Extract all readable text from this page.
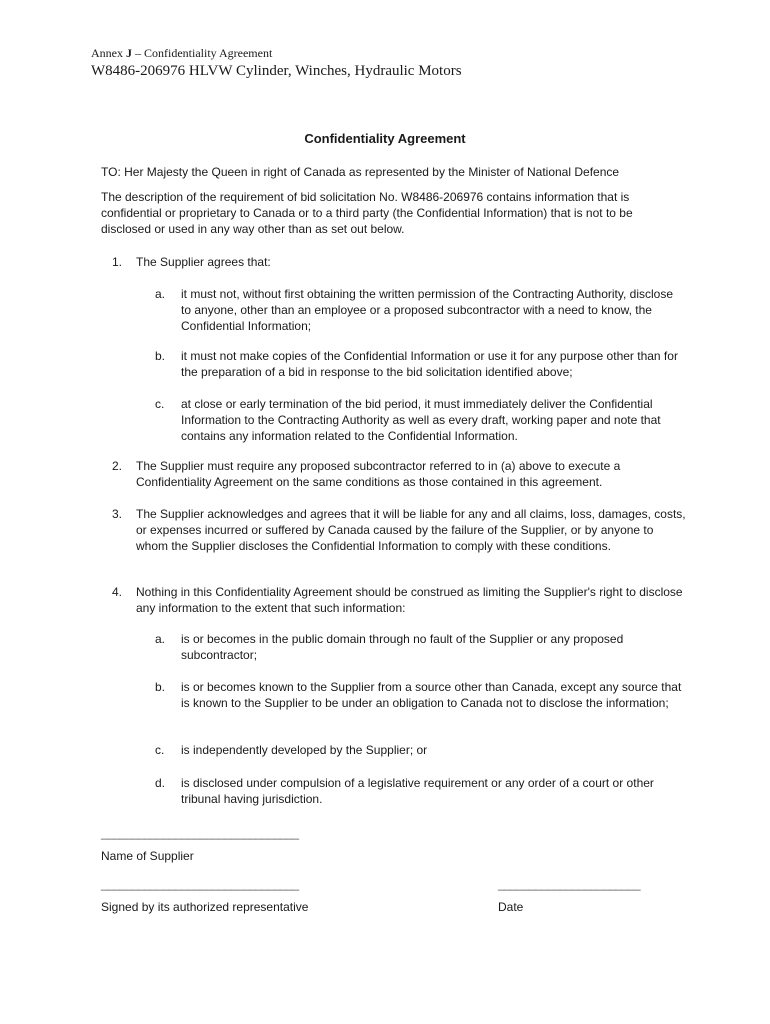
Annex J – Confidentiality Agreement
W8486-206976 HLVW Cylinder, Winches, Hydraulic Motors
Confidentiality Agreement
TO: Her Majesty the Queen in right of Canada as represented by the Minister of National Defence
The description of the requirement of bid solicitation No. W8486-206976 contains information that is confidential or proprietary to Canada or to a third party (the Confidential Information) that is not to be disclosed or used in any way other than as set out below.
1. The Supplier agrees that:
a. it must not, without first obtaining the written permission of the Contracting Authority, disclose to anyone, other than an employee or a proposed subcontractor with a need to know, the Confidential Information;
b. it must not make copies of the Confidential Information or use it for any purpose other than for the preparation of a bid in response to the bid solicitation identified above;
c. at close or early termination of the bid period, it must immediately deliver the Confidential Information to the Contracting Authority as well as every draft, working paper and note that contains any information related to the Confidential Information.
2. The Supplier must require any proposed subcontractor referred to in (a) above to execute a Confidentiality Agreement on the same conditions as those contained in this agreement.
3. The Supplier acknowledges and agrees that it will be liable for any and all claims, loss, damages, costs, or expenses incurred or suffered by Canada caused by the failure of the Supplier, or by anyone to whom the Supplier discloses the Confidential Information to comply with these conditions.
4. Nothing in this Confidentiality Agreement should be construed as limiting the Supplier's right to disclose any information to the extent that such information:
a. is or becomes in the public domain through no fault of the Supplier or any proposed subcontractor;
b. is or becomes known to the Supplier from a source other than Canada, except any source that is known to the Supplier to be under an obligation to Canada not to disclose the information;
c. is independently developed by the Supplier; or
d. is disclosed under compulsion of a legislative requirement or any order of a court or other tribunal having jurisdiction.
________________________________
Name of Supplier
________________________________	_______________________
Signed by its authorized representative	Date
